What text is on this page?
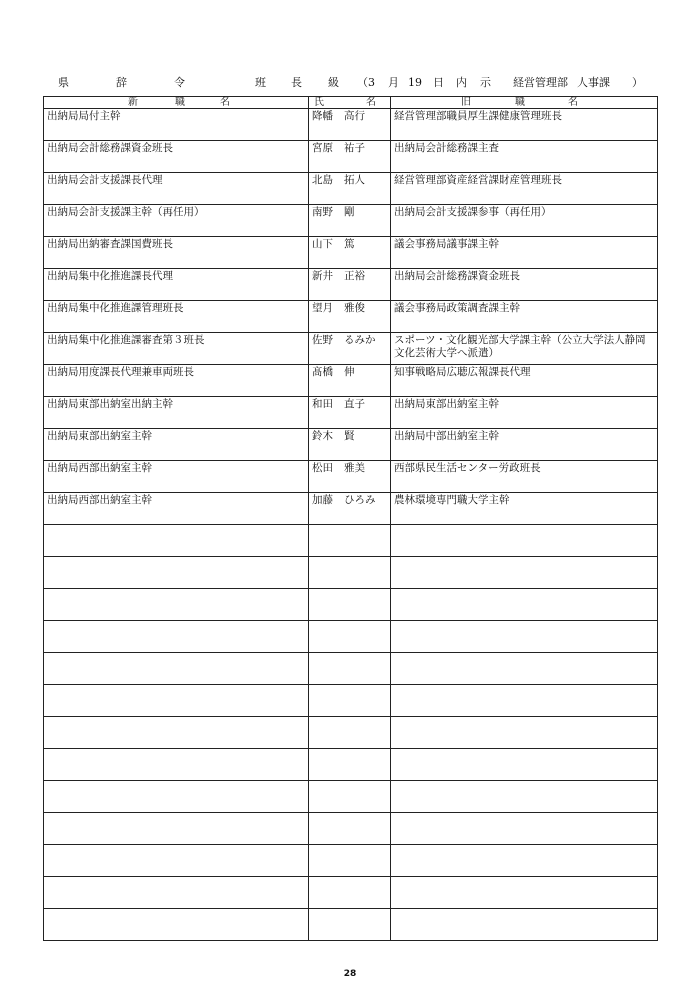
県	辞	令	班 長 級 （3 月 19 日 内 示 経営管理部 人事課 ）
新 職 名	氏 名	旧 職 名

出納局局付主幹	降幡 高行	経営管理部職員厚生課健康管理班長
出納局会計総務課資金班長	宮原 祐子	出納局会計総務課主査
出納局会計支援課長代理	北島 拓人	経営管理部資産経営課財産管理班長
出納局会計支援課主幹（再任用）	南野 剛	出納局会計支援課参事（再任用）
出納局出納審査課国費班長	山下 篤	議会事務局議事課主幹
出納局集中化推進課長代理	新井 正裕	出納局会計総務課資金班長
出納局集中化推進課管理班長	望月 雅俊	議会事務局政策調査課主幹
出納局集中化推進課審査第３班長	佐野 るみか	スポーツ・文化観光部大学課主幹（公立大学法人静岡文化芸術大学へ派遣）
出納局用度課長代理兼車両班長	髙橋 伸	知事戦略局広聴広報課長代理
出納局東部出納室出納主幹	和田 直子	出納局東部出納室主幹
出納局東部出納室主幹	鈴木 賢	出納局中部出納室主幹
出納局西部出納室主幹	松田 雅美	西部県民生活センター労政班長
出納局西部出納室主幹	加藤 ひろみ	農林環境専門職大学主幹

28
